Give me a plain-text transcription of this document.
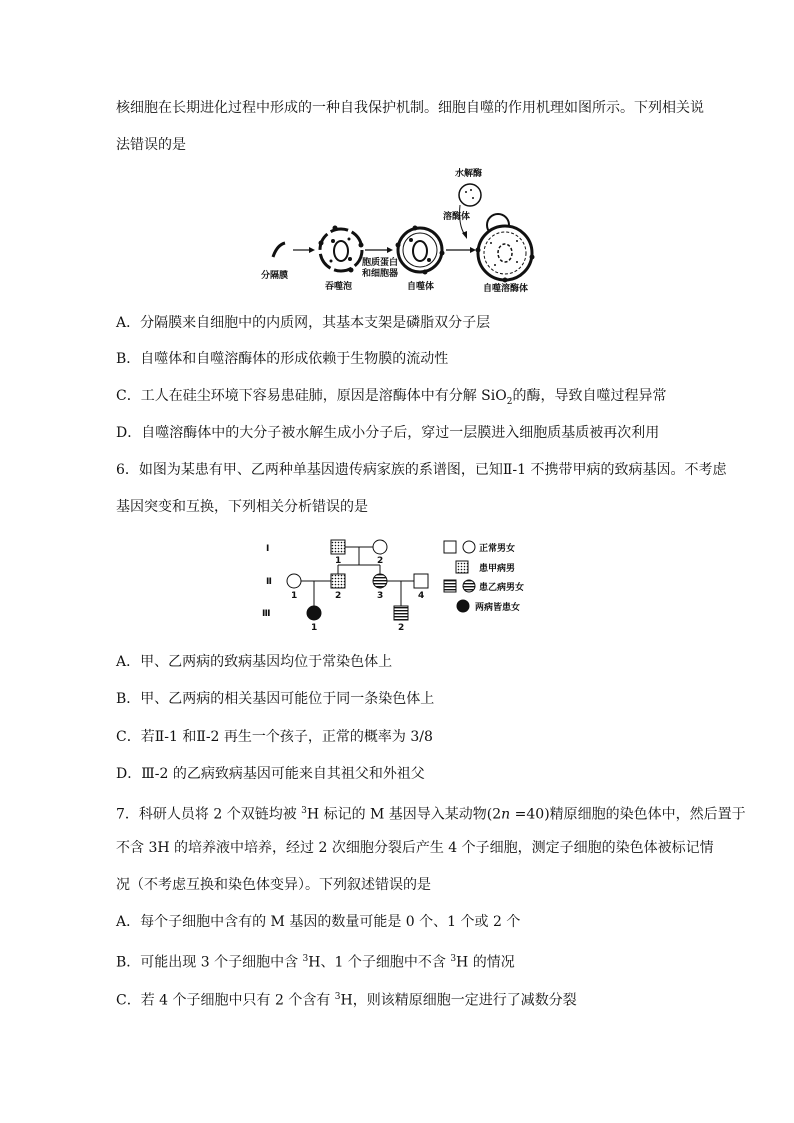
核细胞在长期进化过程中形成的一种自我保护机制。细胞自噬的作用机理如图所示。下列相关说
法错误的是
分隔膜
吞噬泡
胞质蛋白
和细胞器
自噬体
水解酶
溶酶体
自噬溶酶体
A．分隔膜来自细胞中的内质网，其基本支架是磷脂双分子层
B．自噬体和自噬溶酶体的形成依赖于生物膜的流动性
C．工人在硅尘环境下容易患硅肺，原因是溶酶体中有分解 SiO$_2$的酶，导致自噬过程异常
D．自噬溶酶体中的大分子被水解生成小分子后，穿过一层膜进入细胞质基质被再次利用
6．如图为某患有甲、乙两种单基因遗传病家族的系谱图，已知Ⅱ-1 不携带甲病的致病基因。不考虑
基因突变和互换，下列相关分析错误的是
Ⅰ
Ⅱ
Ⅲ
1	2
1	2	3	4
1	2
正常男女
患甲病男
患乙病男女
两病皆患女
A．甲、乙两病的致病基因均位于常染色体上
B．甲、乙两病的相关基因可能位于同一条染色体上
C．若Ⅱ-1 和Ⅱ-2 再生一个孩子，正常的概率为 3/8
D．Ⅲ-2 的乙病致病基因可能来自其祖父和外祖父
7．科研人员将 2 个双链均被 $^3$H 标记的 M 基因导入某动物(2n =40)精原细胞的染色体中，然后置于
不含 3H 的培养液中培养，经过 2 次细胞分裂后产生 4 个子细胞，测定子细胞的染色体被标记情
况（不考虑互换和染色体变异）。下列叙述错误的是
A．每个子细胞中含有的 M 基因的数量可能是 0 个、1 个或 2 个
B．可能出现 3 个子细胞中含 $^3$H、1 个子细胞中不含 $^3$H 的情况
C．若 4 个子细胞中只有 2 个含有 $^3$H，则该精原细胞一定进行了减数分裂
